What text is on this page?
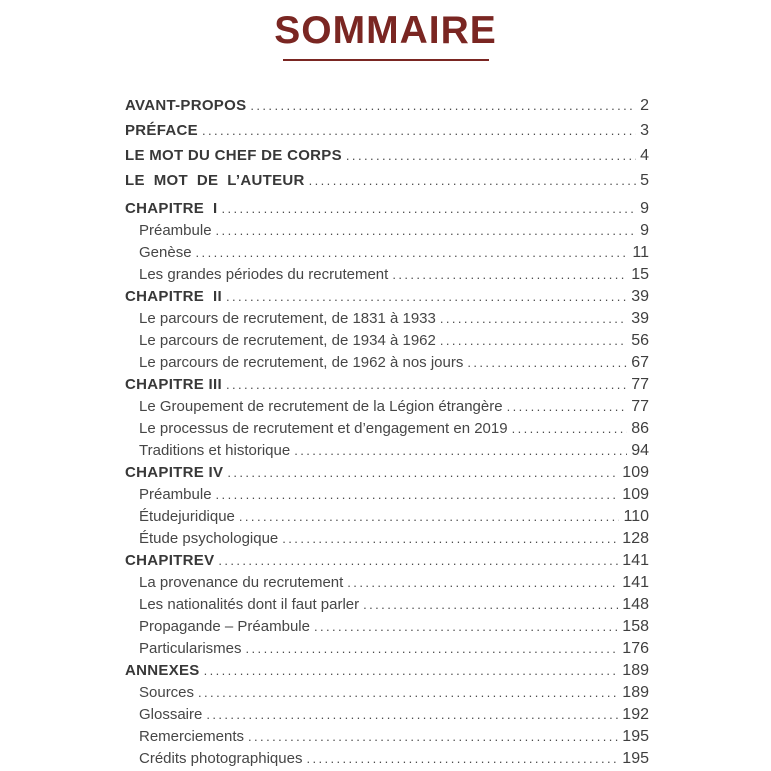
SOMMAIRE
AVANT-PROPOS .....	2
PRÉFACE .....	3
LE MOT DU CHEF DE CORPS .....	4
LE  MOT  DE  L’AUTEUR .....	5
CHAPITRE  I .....	9
Préambule .....	9
Genèse .....	11
Les grandes périodes du recrutement .....	15
CHAPITRE  II .....	39
Le parcours de recrutement, de 1831 à 1933 .....	39
Le parcours de recrutement, de 1934 à 1962 .....	56
Le parcours de recrutement, de 1962 à nos jours .....	67
CHAPITRE III .....	77
Le Groupement de recrutement de la Légion étrangère .....	77
Le processus de recrutement et d’engagement en 2019 .....	86
Traditions et historique .....	94
CHAPITRE IV .....	109
Préambule .....	109
Étudejuridique .....	110
Étude psychologique .....	128
CHAPITREV .....	141
La provenance du recrutement .....	141
Les nationalités dont il faut parler .....	148
Propagande – Préambule .....	158
Particularismes .....	176
ANNEXES .....	189
Sources .....	189
Glossaire .....	192
Remerciements .....	195
Crédits photographiques .....	195
